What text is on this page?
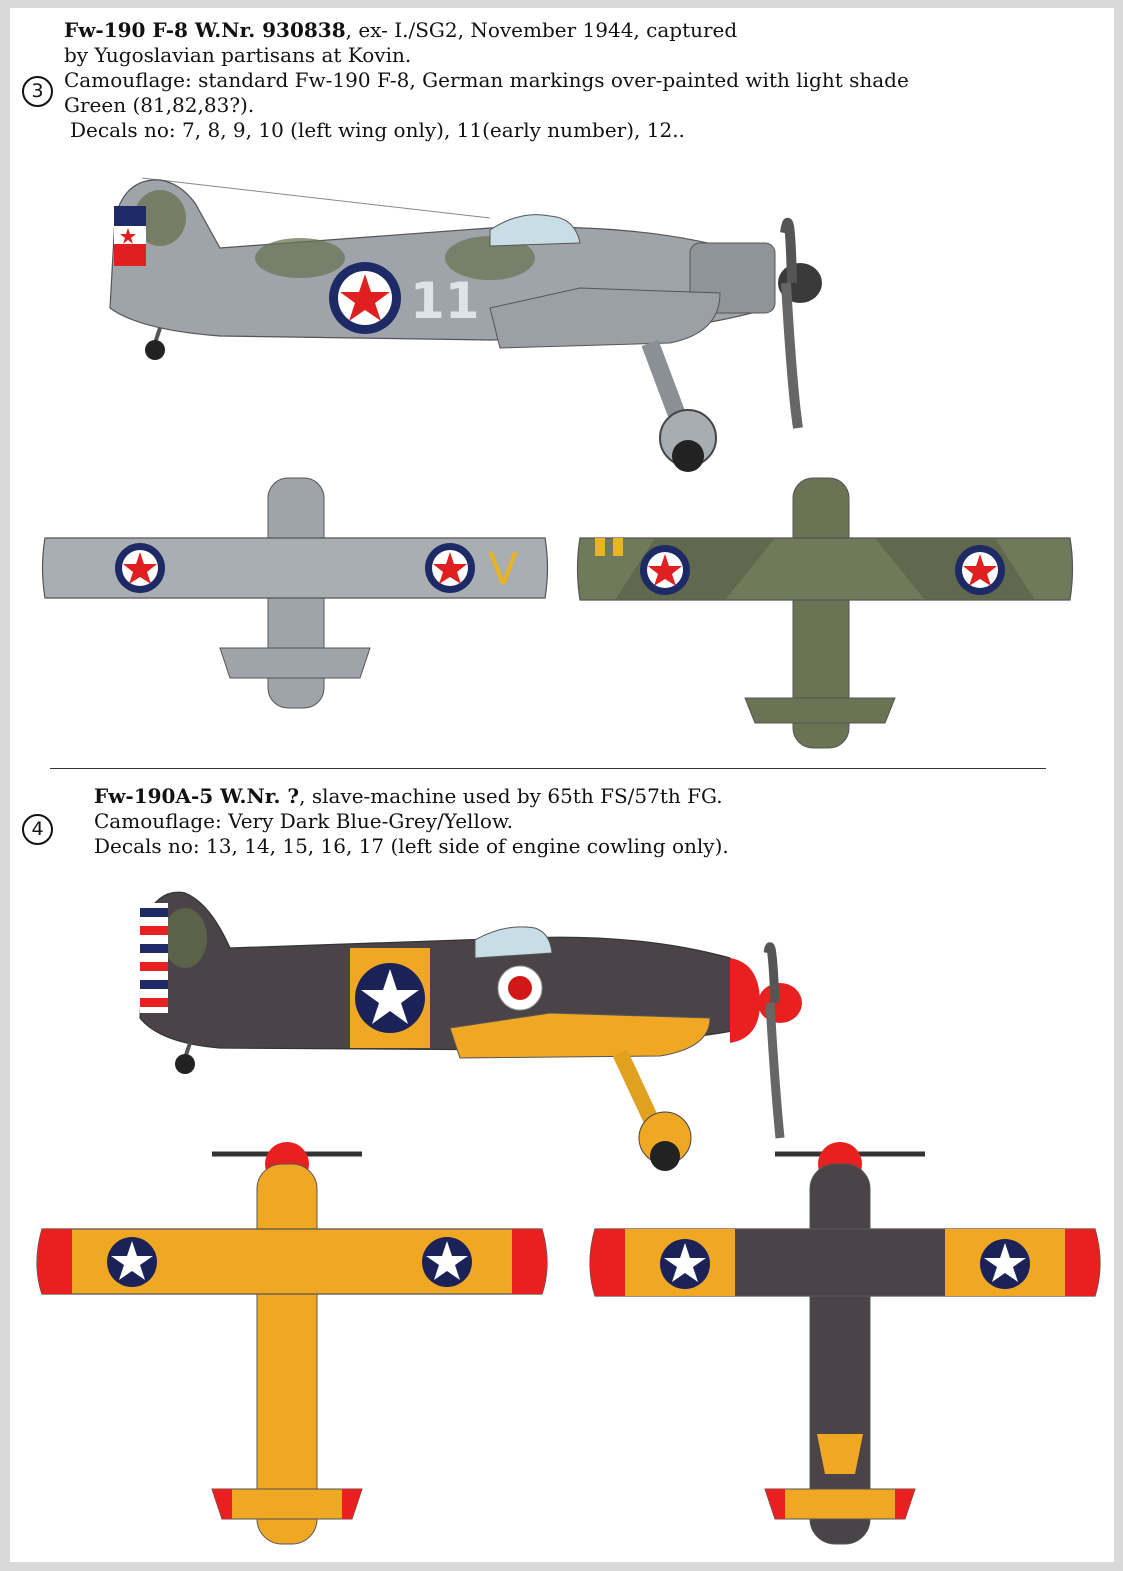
3
Fw-190 F-8 W.Nr. 930838, ex- I./SG2, November 1944, captured
by Yugoslavian partisans at Kovin.
Camouflage: standard Fw-190 F-8, German markings over-painted with light shade
Green (81,82,83?).
Decals no: 7, 8, 9, 10 (left wing only), 11(early number), 12..
11
V
4
Fw-190A-5 W.Nr. ?, slave-machine used by 65th FS/57th FG.
Camouflage: Very Dark Blue-Grey/Yellow.
Decals no: 13, 14, 15, 16, 17 (left side of engine cowling only).
